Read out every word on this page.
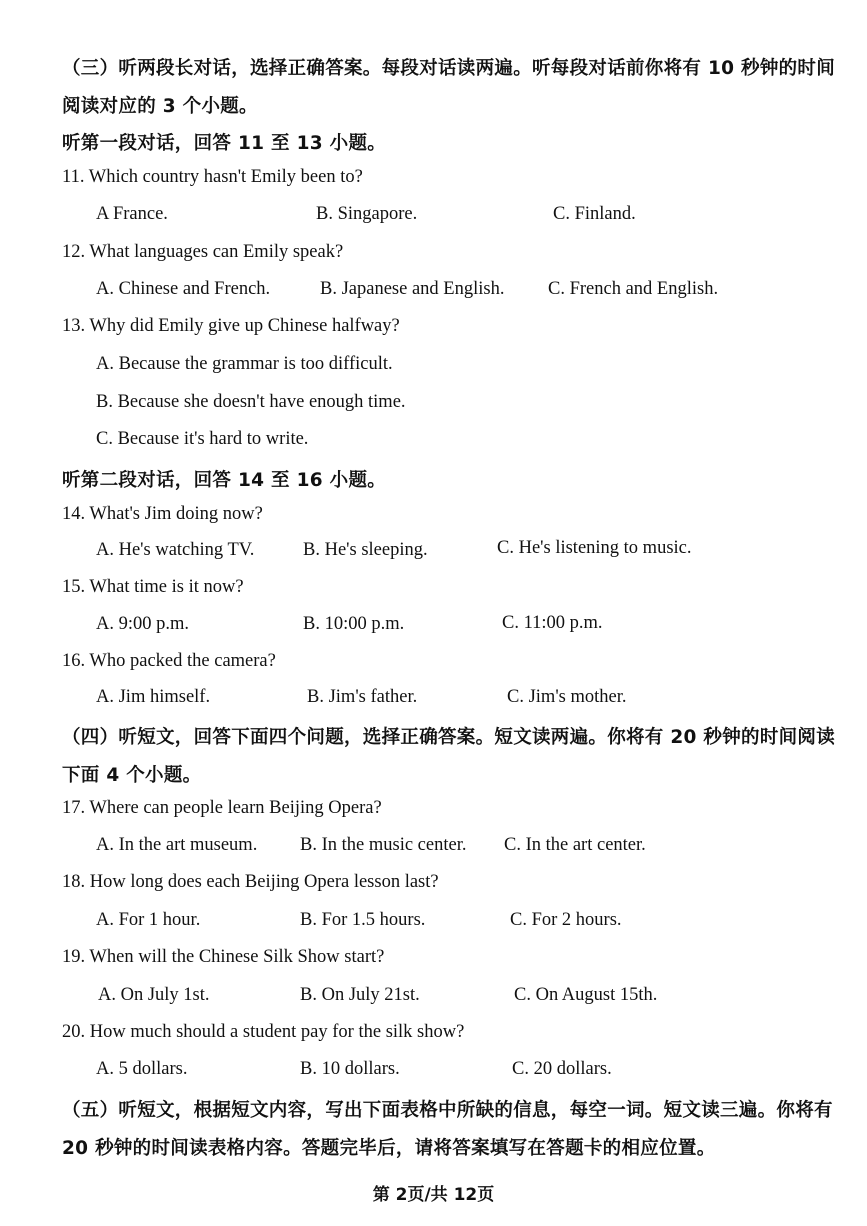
（三）听两段长对话，选择正确答案。每段对话读两遍。听每段对话前你将有 10 秒钟的时间
阅读对应的 3 个小题。
听第一段对话，回答 11 至 13 小题。
11. Which country hasn't Emily been to?
A France.	B. Singapore.	C. Finland.
12. What languages can Emily speak?
A. Chinese and French.	B. Japanese and English. C. French and English.
13. Why did Emily give up Chinese halfway?
A. Because the grammar is too difficult.
B. Because she doesn't have enough time.
C. Because it's hard to write.
听第二段对话，回答 14 至 16 小题。
14. What's Jim doing now?
A. He's watching TV.	B. He's sleeping.	C. He's listening to music.
15. What time is it now?
A. 9:00 p.m.	B. 10:00 p.m.	C. 11:00 p.m.
16. Who packed the camera?
A. Jim himself.	B. Jim's father.	C. Jim's mother.
（四）听短文，回答下面四个问题，选择正确答案。短文读两遍。你将有 20 秒钟的时间阅读
下面 4 个小题。
17. Where can people learn Beijing Opera?
A. In the art museum. B. In the music center. C. In the art center.
18. How long does each Beijing Opera lesson last?
A. For 1 hour.	B. For 1.5 hours.	C. For 2 hours.
19. When will the Chinese Silk Show start?
A. On July 1st.	B. On July 21st.	C. On August 15th.
20. How much should a student pay for the silk show?
A. 5 dollars.	B. 10 dollars.	C. 20 dollars.
（五）听短文，根据短文内容，写出下面表格中所缺的信息，每空一词。短文读三遍。你将有
20 秒钟的时间读表格内容。答题完毕后，请将答案填写在答题卡的相应位置。
第 2页/共 12页
